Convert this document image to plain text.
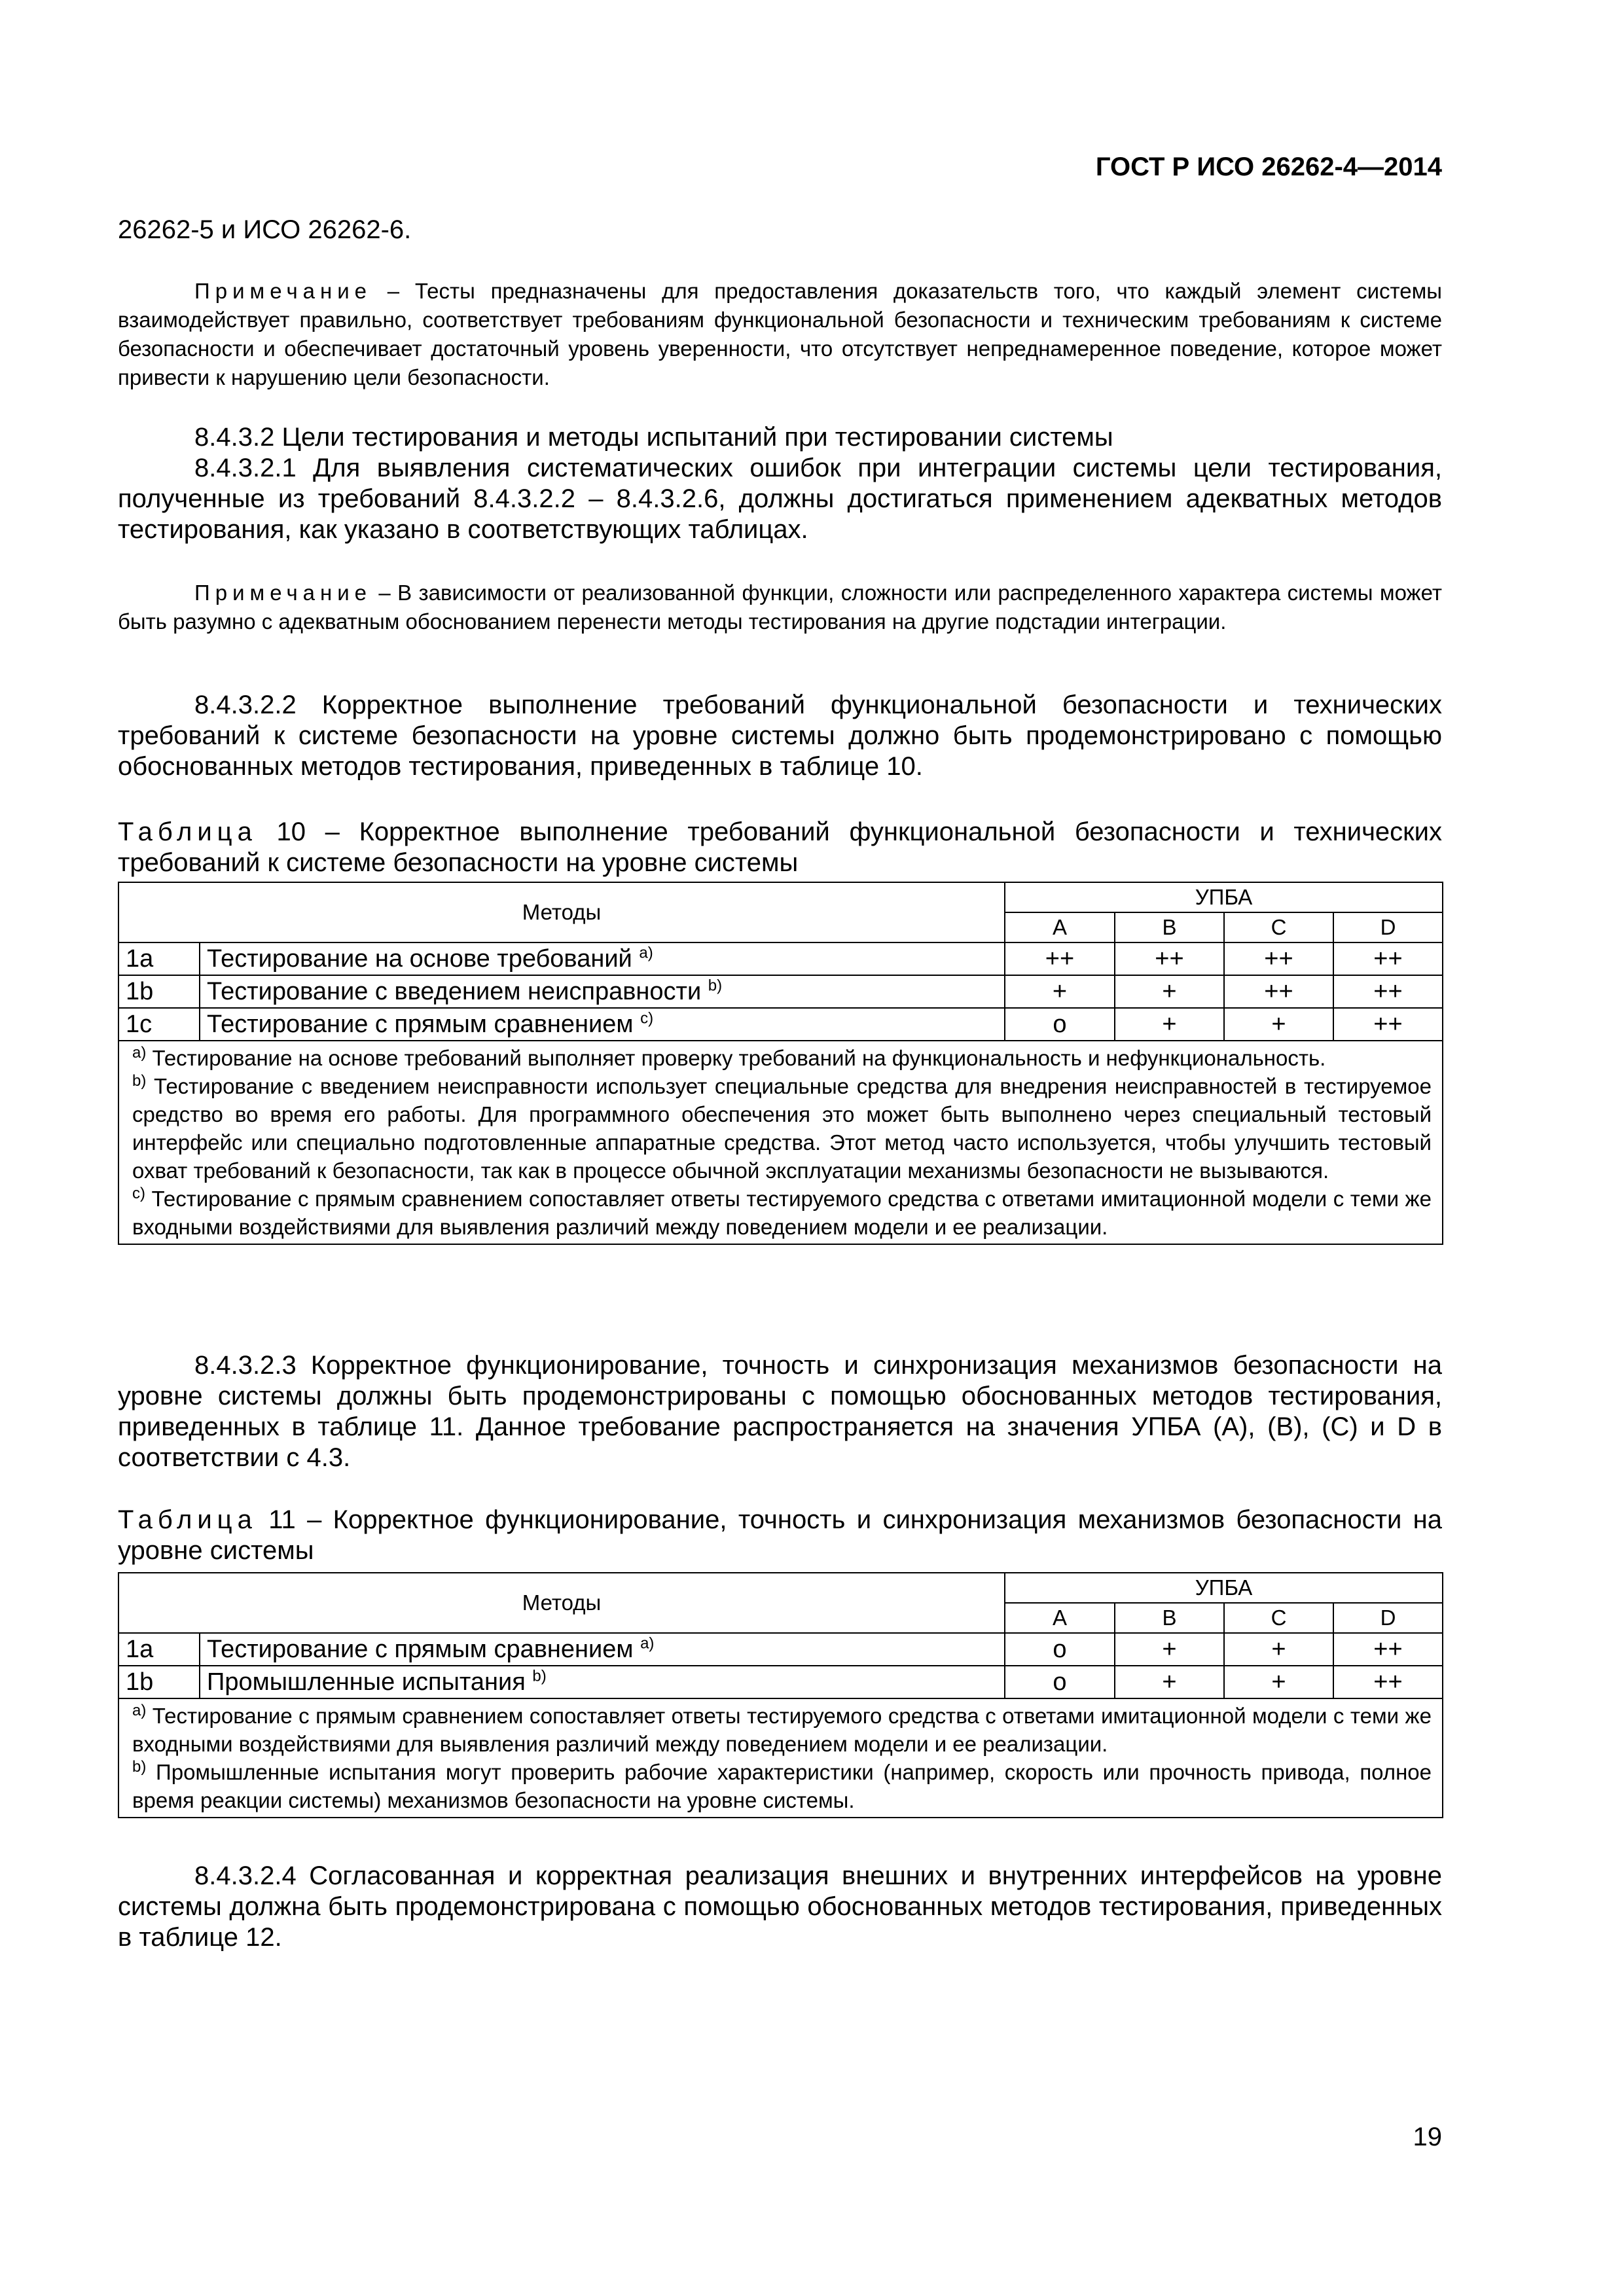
ГОСТ Р ИСО 26262-4—2014
26262-5 и ИСО 26262-6.
Примечание – Тесты предназначены для предоставления доказательств того, что каждый элемент системы взаимодействует правильно, соответствует требованиям функциональной безопасности и техническим требованиям к системе безопасности и обеспечивает достаточный уровень уверенности, что отсутствует непреднамеренное поведение, которое может привести к нарушению цели безопасности.
8.4.3.2 Цели тестирования и методы испытаний при тестировании системы
8.4.3.2.1 Для выявления систематических ошибок при интеграции системы цели тестирования, полученные из требований 8.4.3.2.2 – 8.4.3.2.6, должны достигаться применением адекватных методов тестирования, как указано в соответствующих таблицах.
Примечание – В зависимости от реализованной функции, сложности или распределенного характера системы может быть разумно с адекватным обоснованием перенести методы тестирования на другие подстадии интеграции.
8.4.3.2.2 Корректное выполнение требований функциональной безопасности и технических требований к системе безопасности на уровне системы должно быть продемонстрировано с помощью обоснованных методов тестирования, приведенных в таблице 10.
Таблица 10 – Корректное выполнение требований функциональной безопасности и технических требований к системе безопасности на уровне системы
Методы		УПБА			
		A	B	C	D
1a	Тестирование на основе требований $^{a)}$	++	++	++	++
1b	Тестирование с введением неисправности $^{b)}$	+	+	++	++
1c	Тестирование с прямым сравнением $^{c)}$	o	+	+	++

$^{a)}$ Тестирование на основе требований выполняет проверку требований на функциональность и нефункциональность.
$^{b)}$ Тестирование с введением неисправности использует специальные средства для внедрения неисправностей в тестируемое средство во время его работы. Для программного обеспечения это может быть выполнено через специальный тестовый интерфейс или специально подготовленные аппаратные средства. Этот метод часто используется, чтобы улучшить тестовый охват требований к безопасности, так как в процессе обычной эксплуатации механизмы безопасности не вызываются.
$^{c)}$ Тестирование с прямым сравнением сопоставляет ответы тестируемого средства с ответами имитационной модели с теми же входными воздействиями для выявления различий между поведением модели и ее реализации.					
8.4.3.2.3 Корректное функционирование, точность и синхронизация механизмов безопасности на уровне системы должны быть продемонстрированы с помощью обоснованных методов тестирования, приведенных в таблице 11. Данное требование распространяется на значения УПБА (A), (B), (C) и D в соответствии с 4.3.
Таблица 11 – Корректное функционирование, точность и синхронизация механизмов безопасности на уровне системы
Методы		УПБА			
		A	B	C	D
1a	Тестирование с прямым сравнением $^{a)}$	o	+	+	++
1b	Промышленные испытания $^{b)}$	o	+	+	++

$^{a)}$ Тестирование с прямым сравнением сопоставляет ответы тестируемого средства с ответами имитационной модели с теми же входными воздействиями для выявления различий между поведением модели и ее реализации.
$^{b)}$ Промышленные испытания могут проверить рабочие характеристики (например, скорость или прочность привода, полное время реакции системы) механизмов безопасности на уровне системы.					
8.4.3.2.4 Согласованная и корректная реализация внешних и внутренних интерфейсов на уровне системы должна быть продемонстрирована с помощью обоснованных методов тестирования, приведенных в таблице 12.
19
